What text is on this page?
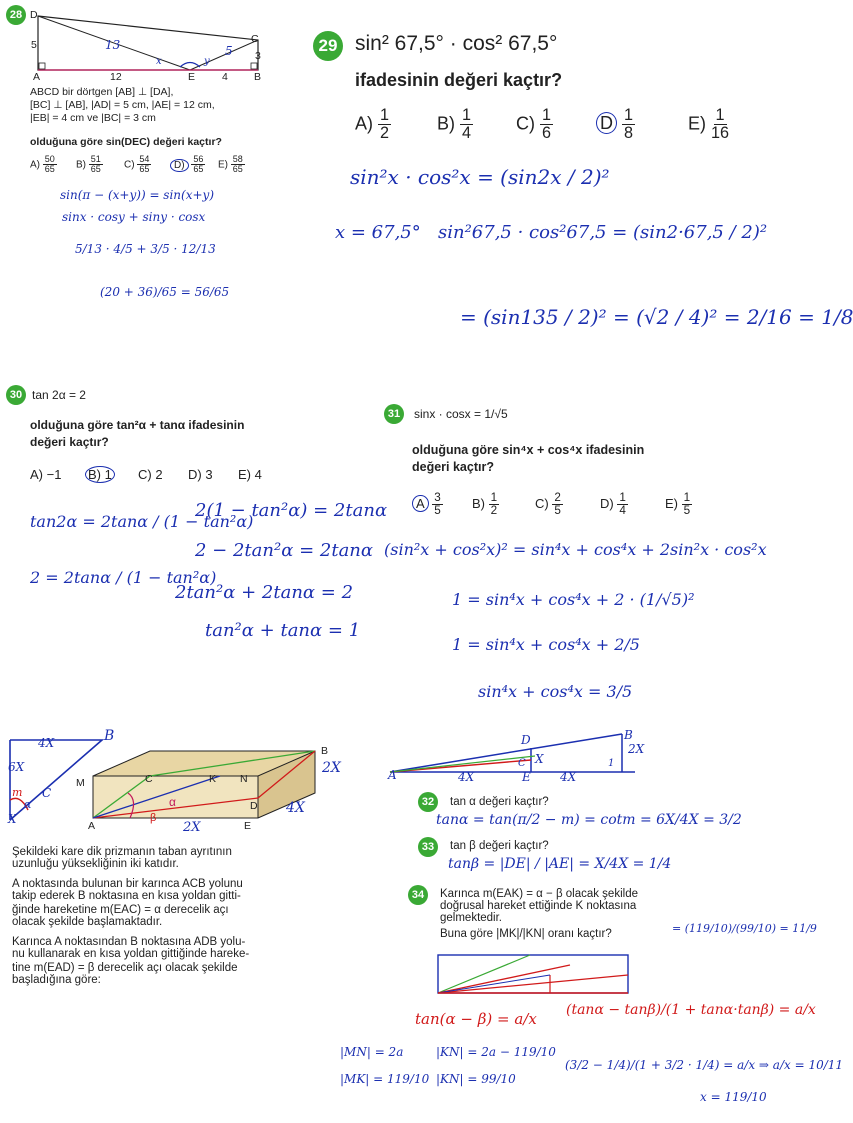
28 D
C
A	E	B
5
3
12	4
13	5
x	y
ABCD bir dörtgen [AB] ⊥ [DA],
[BC] ⊥ [AB], |AD| = 5 cm, |AE| = 12 cm,
|EB| = 4 cm ve |BC| = 3 cm
olduğuna göre sin(DEC) değeri kaçtır?
$A) \frac{50}{65} B) \frac{51}{65} C) \frac{54}{65}$	$D) \frac{56}{65} E) \frac{58}{65}$
sin(π − (x+y)) = sin(x+y)
sinx · cosy + siny · cosx
5/13 · 4/5 + 3/5 · 12/13
(20 + 36)/65 = 56/65
29 sin² 67,5° · cos² 67,5°
ifadesinin değeri kaçtır?
$A) \frac{1}{2}$	$B) \frac{1}{4} C) \frac{1}{6}$	D $\frac{1}{8}$	$E) \frac{1}{16}$
sin²x · cos²x = (sin2x / 2)²
x = 67,5° sin²67,5 · cos²67,5 = (sin2·67,5 / 2)²
= (sin135 / 2)² = (√2 / 4)² = 2/16 = 1/8
30 tan 2α = 2
olduğuna göre tan²α + tanα ifadesinin
değeri kaçtır?
A) −1 B) 1 C) 2 D) 3 E) 4
tan2α = 2tanα / (1 − tan²α)
2 = 2tanα / (1 − tan²α)
2(1 − tan²α) = 2tanα
2 − 2tan²α = 2tanα
2tan²α + 2tanα = 2
tan²α + tanα = 1
31	sinx · cosx = 1/√5
olduğuna göre sin⁴x + cos⁴x ifadesinin
değeri kaçtır?
A $\frac{3}{5} B) \frac{1}{2}$	$C) \frac{2}{5}$	$D) \frac{1}{4}$	$E) \frac{1}{5}$
(sin²x + cos²x)² = sin⁴x + cos⁴x + 2sin²x · cos²x
1 = sin⁴x + cos⁴x + 2 · (1/√5)²
1 = sin⁴x + cos⁴x + 2/5
sin⁴x + cos⁴x = 3/5
4X	B
6X
m
α
C
X
M	C	K N
B
D
A	E
2X
4X
2X
α
β
Şekildeki kare dik prizmanın taban ayrıtının
uzunluğu yüksekliğinin iki katıdır.
A noktasında bulunan bir karınca ACB yolunu
takip ederek B noktasına en kısa yoldan gitti-
ğinde hareketine m(EAC) = α derecelik açı
olacak şekilde başlamaktadır.
Karınca A noktasından B noktasına ADB yolu-
nu kullanarak en kısa yoldan gittiğinde hareke-
tine m(EAD) = β derecelik açı olacak şekilde
başladığına göre:
D	B
2X
X
A
C
E
4X	4X
1
32	tan α değeri kaçtır?
tanα = tan(π/2 − m) = cotm = 6X/4X = 3/2
33	tan β değeri kaçtır?
tanβ = |DE| / |AE| = X/4X = 1/4
34	Karınca m(EAK) = α − β olacak şekilde
doğrusal hareket ettiğinde K noktasına
gelmektedir.
Buna göre |MK|/|KN| oranı kaçtır?	= (119/10)/(99/10) = 11/9
tan(α − β) = a/x (tanα − tanβ)/(1 + tanα·tanβ) = a/x
|MN| = 2a	|KN| = 2a − 119/10
|MK| = 119/10 |KN| = 99/10
(3/2 − 1/4)/(1 + 3/2 · 1/4) = a/x ⇒ a/x = 10/11
x = 119/10
